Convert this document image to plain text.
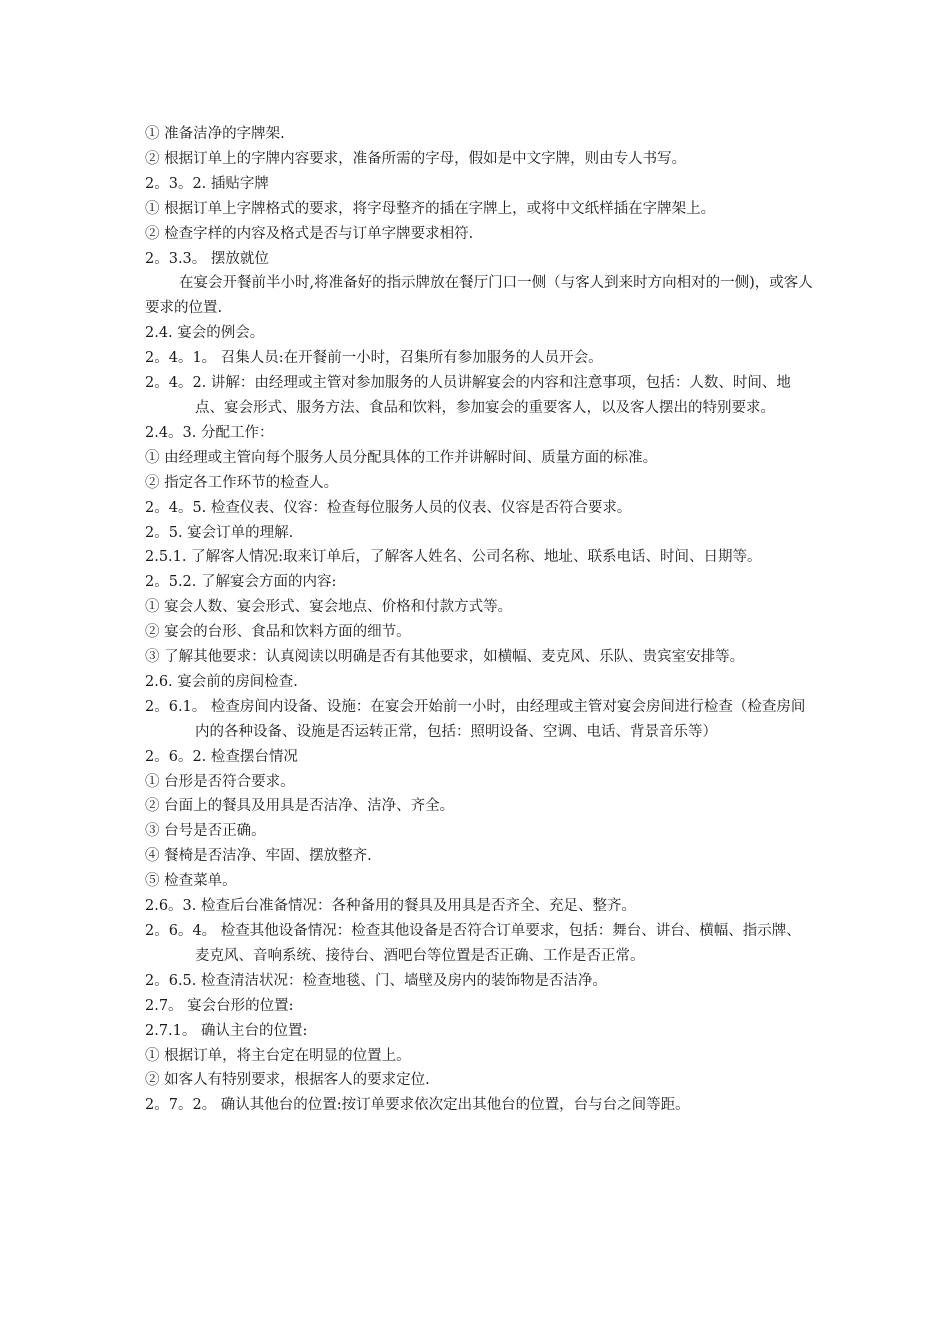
① 准备洁净的字牌架.

② 根据订单上的字牌内容要求，准备所需的字母，假如是中文字牌，则由专人书写。

2。3。2. 插贴字牌

① 根据订单上字牌格式的要求，将字母整齐的插在字牌上，或将中文纸样插在字牌架上。

② 检查字样的内容及格式是否与订单字牌要求相符.

2。3.3。 摆放就位

在宴会开餐前半小时,将准备好的指示牌放在餐厅门口一侧（与客人到来时方向相对的一侧)，或客人要求的位置.

2.4. 宴会的例会。

2。4。1。 召集人员:在开餐前一小时，召集所有参加服务的人员开会。

2。4。2. 讲解：由经理或主管对参加服务的人员讲解宴会的内容和注意事项，包括：人数、时间、地点、宴会形式、服务方法、食品和饮料，参加宴会的重要客人，以及客人摆出的特别要求。

2.4。3. 分配工作：

① 由经理或主管向每个服务人员分配具体的工作并讲解时间、质量方面的标准。

② 指定各工作环节的检查人。

2。4。5. 检查仪表、仪容：检查每位服务人员的仪表、仪容是否符合要求。

2。5. 宴会订单的理解.

2.5.1. 了解客人情况:取来订单后，了解客人姓名、公司名称、地址、联系电话、时间、日期等。

2。5.2. 了解宴会方面的内容:

① 宴会人数、宴会形式、宴会地点、价格和付款方式等。

② 宴会的台形、食品和饮料方面的细节。

③ 了解其他要求：认真阅读以明确是否有其他要求，如横幅、麦克风、乐队、贵宾室安排等。

2.6. 宴会前的房间检查.

2。6.1。 检查房间内设备、设施：在宴会开始前一小时，由经理或主管对宴会房间进行检查（检查房间内的各种设备、设施是否运转正常，包括：照明设备、空调、电话、背景音乐等）

2。6。2. 检查摆台情况

① 台形是否符合要求。

② 台面上的餐具及用具是否洁净、洁净、齐全。

③ 台号是否正确。

④ 餐椅是否洁净、牢固、摆放整齐.

⑤ 检查菜单。

2.6。3. 检查后台准备情况：各种备用的餐具及用具是否齐全、充足、整齐。

2。6。4。 检查其他设备情况：检查其他设备是否符合订单要求，包括：舞台、讲台、横幅、指示牌、麦克风、音响系统、接待台、酒吧台等位置是否正确、工作是否正常。

2。6.5. 检查清洁状况：检查地毯、门、墙壁及房内的装饰物是否洁净。

2.7。 宴会台形的位置:

2.7.1。 确认主台的位置:

① 根据订单，将主台定在明显的位置上。

② 如客人有特别要求，根据客人的要求定位.

2。7。2。 确认其他台的位置:按订单要求依次定出其他台的位置，台与台之间等距。
